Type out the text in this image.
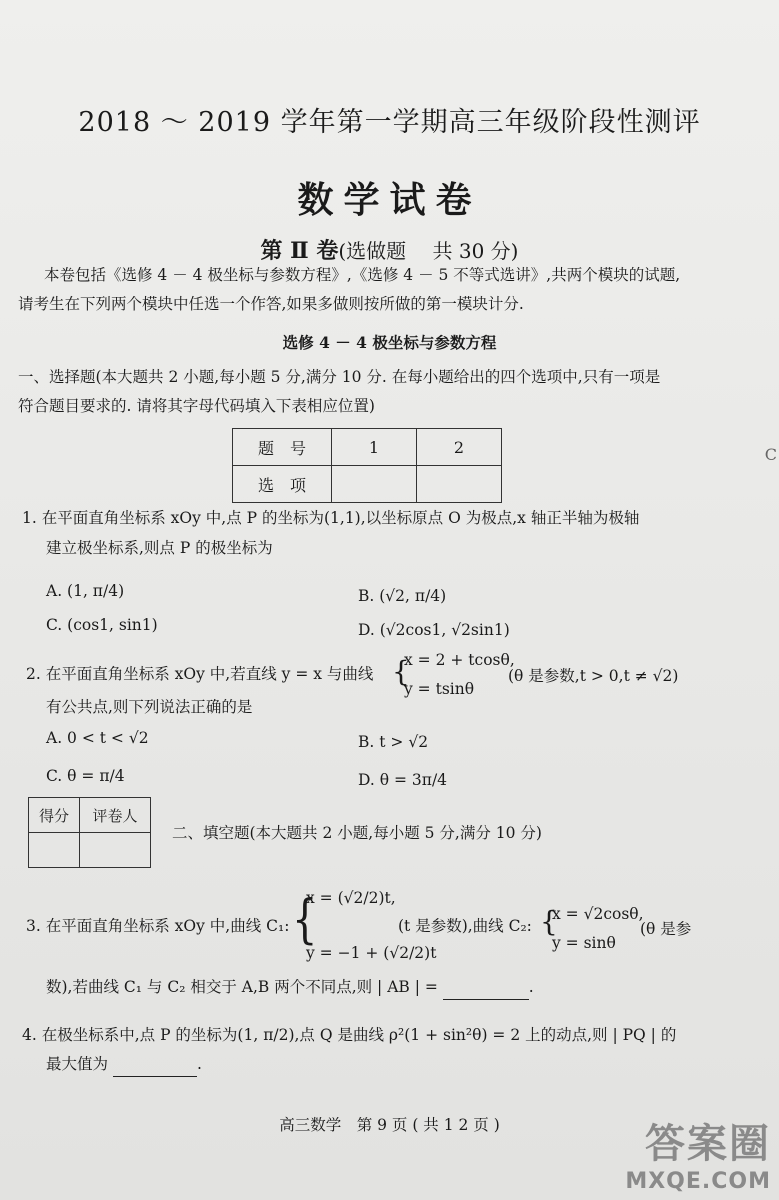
2018 ～ 2019 学年第一学期高三年级阶段性测评
数学试卷
第 Ⅱ 卷(选做题　 共 30 分)
本卷包括《选修 4 － 4 极坐标与参数方程》,《选修 4 － 5 不等式选讲》,共两个模块的试题,
请考生在下列两个模块中任选一个作答,如果多做则按所做的第一模块计分.
选修 4 － 4 极坐标与参数方程
一、选择题(本大题共 2 小题,每小题 5 分,满分 10 分. 在每小题给出的四个选项中,只有一项是
符合题目要求的. 请将其字母代码填入下表相应位置)
题　号	1	2
选　项		
1. 在平面直角坐标系 xOy 中,点 P 的坐标为(1,1),以坐标原点 O 为极点,x 轴正半轴为极轴
建立极坐标系,则点 P 的极坐标为
A. (1, π/4)	B. (√2, π/4)
C. (cos1, sin1)	D. (√2cos1, √2sin1)
2. 在平面直角坐标系 xOy 中,若直线 y = x 与曲线 {
x = 2 + tcosθ,
y = tsinθ
(θ 是参数,t > 0,t ≠ √2)
有公共点,则下列说法正确的是
A. 0 < t < √2	B. t > √2
C. θ = π/4	D. θ = 3π/4
得分	评卷人

二、填空题(本大题共 2 小题,每小题 5 分,满分 10 分)
3. 在平面直角坐标系 xOy 中,曲线 C₁: {
x = (√2/2)t,
y = −1 + (√2/2)t
(t 是参数),曲线 C₂: {
x = √2cosθ,
y = sinθ
(θ 是参
数),若曲线 C₁ 与 C₂ 相交于 A,B 两个不同点,则 | AB | =	.
4. 在极坐标系中,点 P 的坐标为(1, π/2),点 Q 是曲线 ρ²(1 + sin²θ) = 2 上的动点,则 | PQ | 的
最大值为	.
高三数学　第 9 页 ( 共 1 2 页 )
C
答案圈
MXQE.COM
